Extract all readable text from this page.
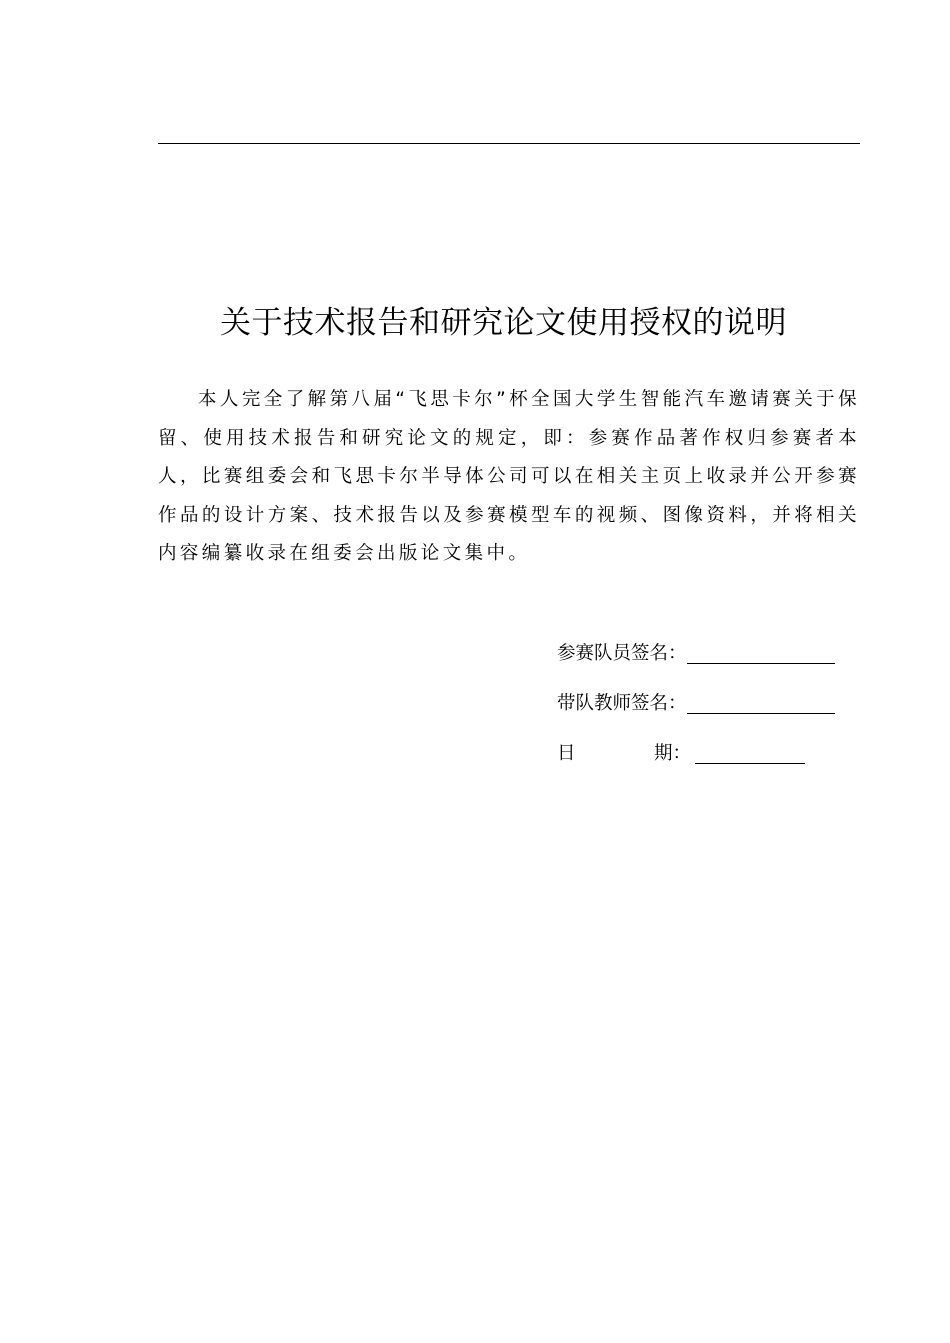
关于技术报告和研究论文使用授权的说明

本人完全了解第八届“飞思卡尔”杯全国大学生智能汽车邀请赛关于保留、使用技术报告和研究论文的规定，即：参赛作品著作权归参赛者本人，比赛组委会和飞思卡尔半导体公司可以在相关主页上收录并公开参赛作品的设计方案、技术报告以及参赛模型车的视频、图像资料，并将相关内容编纂收录在组委会出版论文集中。

参赛队员签名：
带队教师签名：
日	期：
